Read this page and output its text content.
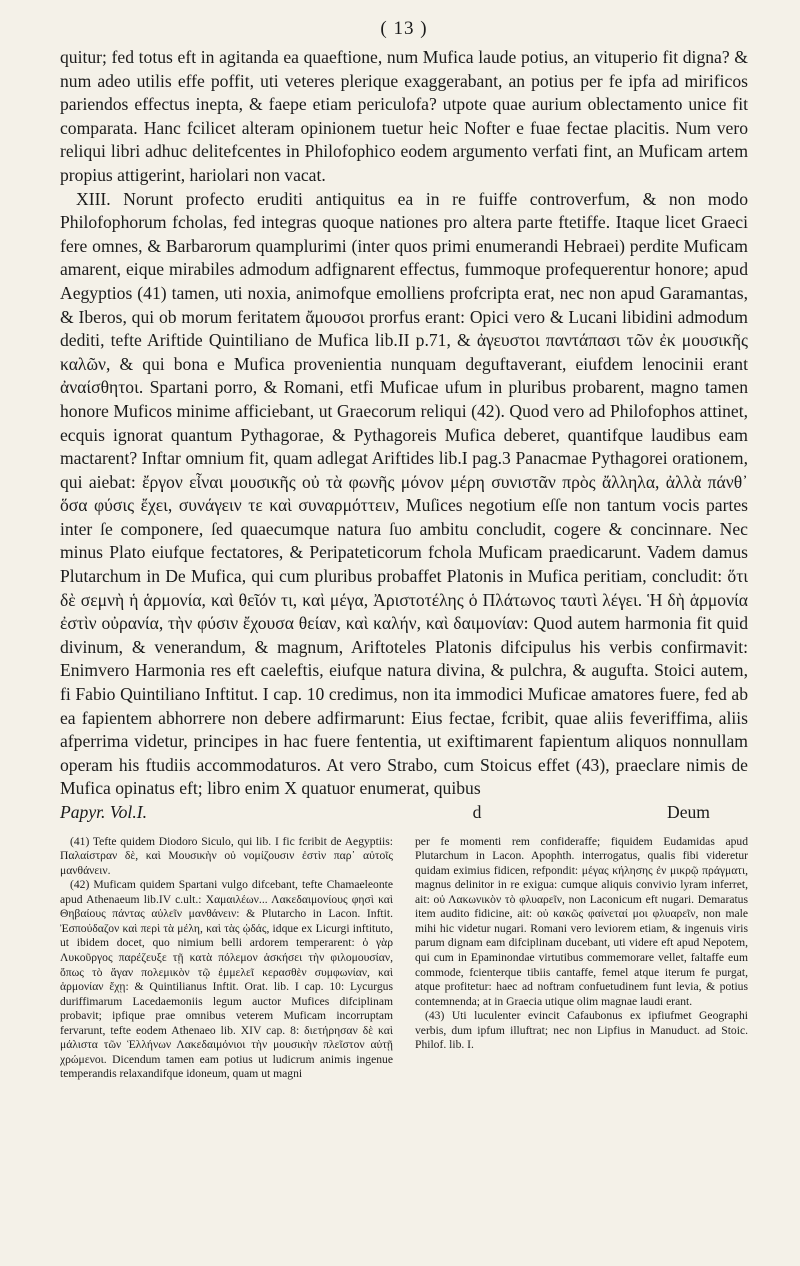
( 13 )

quitur; fed totus eft in agitanda ea quaeftione, num Mufica laude potius, an vituperio fit digna? & num adeo utilis effe poffit, uti veteres plerique exaggerabant, an potius per fe ipfa ad mirificos pariendos effectus inepta, & faepe etiam periculofa? utpote quae aurium oblectamento unice fit comparata. Hanc fcilicet alteram opinionem tuetur heic Nofter e fuae fectae placitis. Num vero reliqui libri adhuc delitefcentes in Philofophico eodem argumento verfati fint, an Muficam artem propius attigerint, hariolari non vacat.

XIII. Norunt profecto eruditi antiquitus ea in re fuiffe controverfum, & non modo Philofophorum fcholas, fed integras quoque nationes pro altera parte ftetiffe. Itaque licet Graeci fere omnes, & Barbarorum quamplurimi (inter quos primi enumerandi Hebraei) perdite Muficam amarent, eique mirabiles admodum adfignarent effectus, fummoque profequerentur honore; apud Aegyptios (41) tamen, uti noxia, animofque emolliens profcripta erat, nec non apud Garamantas, & Iberos, qui ob morum feritatem ἄμουσοι prorfus erant: Opici vero & Lucani libidini admodum dediti, tefte Ariftide Quintiliano de Mufica lib.II p.71, & ἀγευστοι παντάπασι τῶν ἐκ μουσικῆς καλῶν, & qui bona e Mufica provenientia nunquam deguftaverant, eiufdem lenocinii erant ἀναίσθητοι. Spartani porro, & Romani, etfi Muficae ufum in pluribus probarent, magno tamen honore Muficos minime afficiebant, ut Graecorum reliqui (42). Quod vero ad Philofophos attinet, ecquis ignorat quantum Pythagorae, & Pythagoreis Mufica deberet, quantifque laudibus eam mactarent? Inftar omnium fit, quam adlegat Ariftides lib.I pag.3 Panacmae Pythagorei orationem, qui aiebat: ἔργον εἶναι μουσικῆς οὐ τὰ φωνῆς μόνον μέρη συνιστᾶν πρὸς ἄλληλα, ἀλλὰ πάνθ᾽ ὅσα φύσις ἔχει, συνάγειν τε καὶ συναρμόττειν, Muſices negotium eſſe non tantum vocis partes inter ſe componere, ſed quaecumque natura ſuo ambitu concludit, cogere & concinnare. Nec minus Plato eiufque fectatores, & Peripateticorum fchola Muficam praedicarunt. Vadem damus Plutarchum in De Mufica, qui cum pluribus probaffet Platonis in Mufica peritiam, concludit: ὅτι δὲ σεμνὴ ἡ ἁρμονία, καὶ θεῖόν τι, καὶ μέγα, Ἀριστοτέλης ὁ Πλάτωνος ταυτὶ λέγει. Ἡ δὴ ἁρμονία ἐστὶν οὐρανία, τὴν φύσιν ἔχουσα θείαν, καὶ καλήν, καὶ δαιμονίαν: Quod autem harmonia fit quid divinum, & venerandum, & magnum, Ariftoteles Platonis difcipulus his verbis confirmavit: Enimvero Harmonia res eft caeleftis, eiufque natura divina, & pulchra, & augufta. Stoici autem, fi Fabio Quintiliano Inftitut. I cap. 10 credimus, non ita immodici Muficae amatores fuere, fed ab ea fapientem abhorrere non debere adfirmarunt: Eius fectae, fcribit, quae aliis feveriffima, aliis afperrima videtur, principes in hac fuere fententia, ut exiftimarent fapientum aliquos nonnullam operam his ftudiis accommodaturos. At vero Strabo, cum Stoicus effet (43), praeclare nimis de Mufica opinatus eft; libro enim X quatuor enumerat, quibus

Papyr. Vol.I.	d	Deum

(41) Tefte quidem Diodoro Siculo, qui lib. I fic fcribit de Aegyptiis: Παλαίστραν δὲ, καὶ Μουσικὴν οὐ νομίζουσιν ἐστὶν παρ᾽ αὐτοῖς μανθάνειν.

(42) Muficam quidem Spartani vulgo difcebant, tefte Chamaeleonte apud Athenaeum lib.IV c.ult.: Χαμαιλέων... Λακεδαιμονίους φησὶ καὶ Θηβαίους πάντας αὐλεῖν μανθάνειν: & Plutarcho in Lacon. Inftit. Ἐσπούδαζον καὶ περὶ τὰ μέλη, καὶ τὰς ᾠδάς, idque ex Licurgi inftituto, ut ibidem docet, quo nimium belli ardorem temperarent: ὁ γὰρ Λυκοῦργος παρέζευξε τῇ κατὰ πόλεμον ἀσκήσει τὴν φιλομουσίαν, ὅπως τὸ ἄγαν πολεμικὸν τῷ ἐμμελεῖ κερασθὲν συμφωνίαν, καὶ ἁρμονίαν ἔχῃ: & Quintilianus Inftit. Orat. lib. I cap. 10: Lycurgus duriffimarum Lacedaemoniis legum auctor Mufices difciplinam probavit; ipfique prae omnibus veterem Muficam incorruptam fervarunt, tefte eodem Athenaeo lib. XIV cap. 8: διετήρησαν δὲ καὶ μάλιστα τῶν Ἑλλήνων Λακεδαιμόνιοι τὴν μουσικὴν πλεῖστον αὐτῇ χρώμενοι. Dicendum tamen eam potius ut ludicrum animis ingenue temperandis relaxandifque idoneum, quam ut magni

per fe momenti rem confideraffe; fiquidem Eudamidas apud Plutarchum in Lacon. Apophth. interrogatus, qualis fibi videretur quidam eximius fidicen, refpondit: μέγας κήλησης ἐν μικρῷ πράγματι, magnus delinitor in re exigua: cumque aliquis convivio lyram inferret, ait: οὐ Λακωνικὸν τὸ φλυαρεῖν, non Laconicum eft nugari. Demaratus item audito fidicine, ait: οὐ κακῶς φαίνεταί μοι φλυαρεῖν, non male mihi hic videtur nugari. Romani vero leviorem etiam, & ingenuis viris parum dignam eam difciplinam ducebant, uti videre eft apud Nepotem, qui cum in Epaminondae virtutibus commemorare vellet, faltaffe eum commode, fcienterque tibiis cantaffe, femel atque iterum fe purgat, atque profitetur: haec ad noftram confuetudinem funt levia, & potius contemnenda; at in Graecia utique olim magnae laudi erant.

(43) Uti luculenter evincit Cafaubonus ex ipfiufmet Geographi verbis, dum ipfum illuftrat; nec non Lipfius in Manuduct. ad Stoic. Philof. lib. I.
